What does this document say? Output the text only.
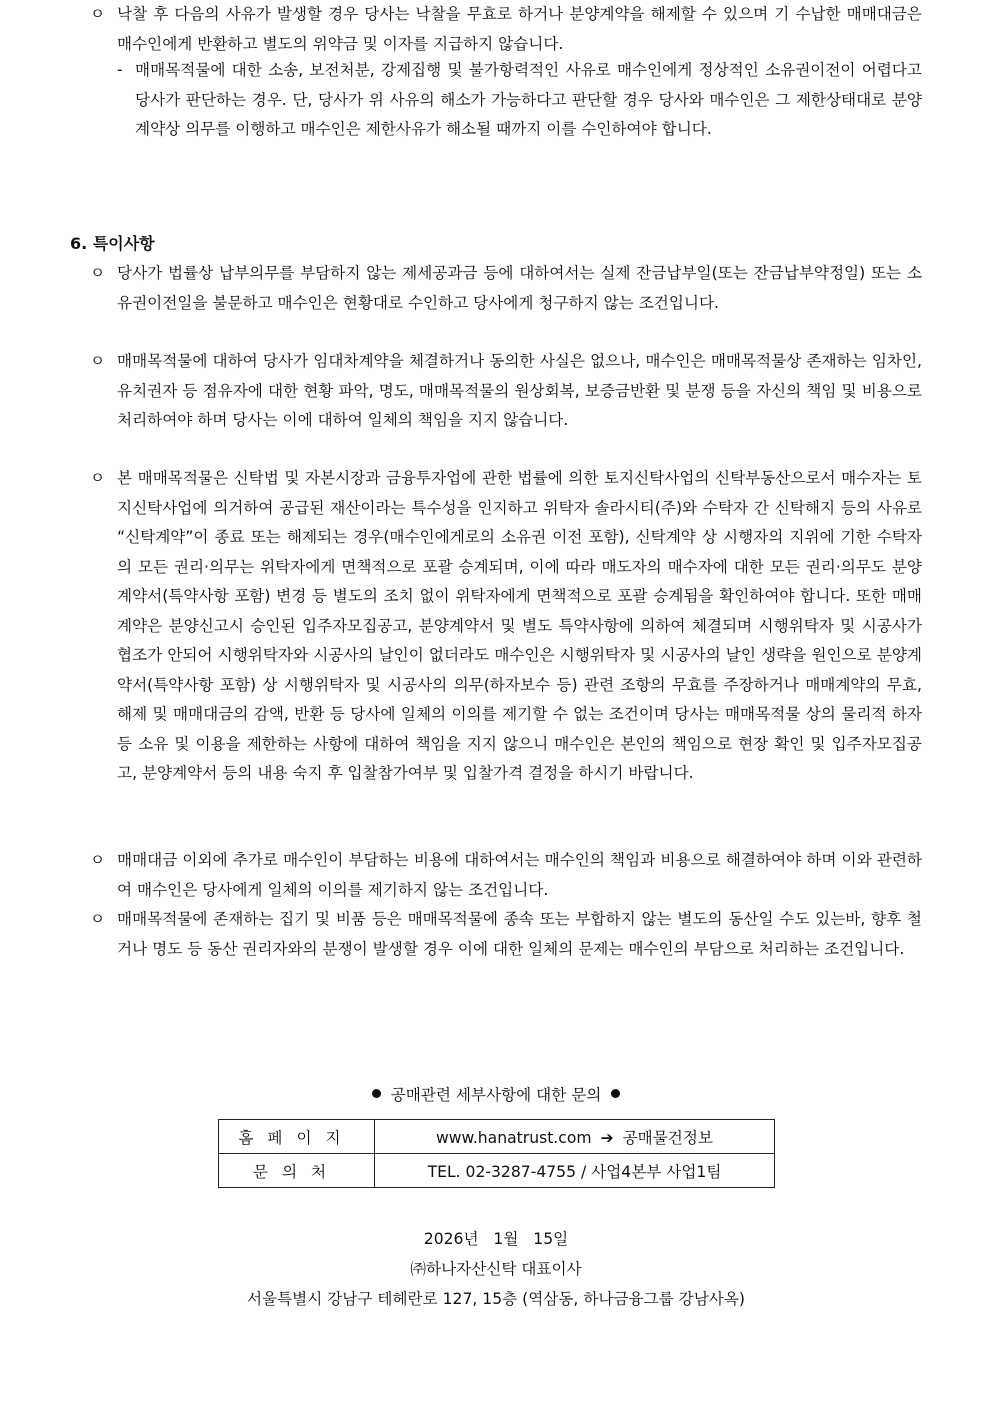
ㅇ 낙찰 후 다음의 사유가 발생할 경우 당사는 낙찰을 무효로 하거나 분양계약을 해제할 수 있으며 기 수납한 매매대금은 매수인에게 반환하고 별도의 위약금 및 이자를 지급하지 않습니다.
- 매매목적물에 대한 소송, 보전처분, 강제집행 및 불가항력적인 사유로 매수인에게 정상적인 소유권이전이 어렵다고 당사가 판단하는 경우. 단, 당사가 위 사유의 해소가 가능하다고 판단할 경우 당사와 매수인은 그 제한상태대로 분양계약상 의무를 이행하고 매수인은 제한사유가 해소될 때까지 이를 수인하여야 합니다.
6. 특이사항
ㅇ 당사가 법률상 납부의무를 부담하지 않는 제세공과금 등에 대하여서는 실제 잔금납부일(또는 잔금납부약정일) 또는 소유권이전일을 불문하고 매수인은 현황대로 수인하고 당사에게 청구하지 않는 조건입니다.
ㅇ 매매목적물에 대하여 당사가 임대차계약을 체결하거나 동의한 사실은 없으나, 매수인은 매매목적물상 존재하는 임차인, 유치권자 등 점유자에 대한 현황 파악, 명도, 매매목적물의 원상회복, 보증금반환 및 분쟁 등을 자신의 책임 및 비용으로 처리하여야 하며 당사는 이에 대하여 일체의 책임을 지지 않습니다.
ㅇ 본 매매목적물은 신탁법 및 자본시장과 금융투자업에 관한 법률에 의한 토지신탁사업의 신탁부동산으로서 매수자는 토지신탁사업에 의거하여 공급된 재산이라는 특수성을 인지하고 위탁자 솔라시티(주)와 수탁자 간 신탁해지 등의 사유로 “신탁계약”이 종료 또는 해제되는 경우(매수인에게로의 소유권 이전 포함), 신탁계약 상 시행자의 지위에 기한 수탁자의 모든 권리·의무는 위탁자에게 면책적으로 포괄 승계되며, 이에 따라 매도자의 매수자에 대한 모든 권리·의무도 분양계약서(특약사항 포함) 변경 등 별도의 조치 없이 위탁자에게 면책적으로 포괄 승계됨을 확인하여야 합니다. 또한 매매계약은 분양신고시 승인된 입주자모집공고, 분양계약서 및 별도 특약사항에 의하여 체결되며 시행위탁자 및 시공사가 협조가 안되어 시행위탁자와 시공사의 날인이 없더라도 매수인은 시행위탁자 및 시공사의 날인 생략을 원인으로 분양계약서(특약사항 포함) 상 시행위탁자 및 시공사의 의무(하자보수 등) 관련 조항의 무효를 주장하거나 매매계약의 무효, 해제 및 매매대금의 감액, 반환 등 당사에 일체의 이의를 제기할 수 없는 조건이며 당사는 매매목적물 상의 물리적 하자 등 소유 및 이용을 제한하는 사항에 대하여 책임을 지지 않으니 매수인은 본인의 책임으로 현장 확인 및 입주자모집공고, 분양계약서 등의 내용 숙지 후 입찰참가여부 및 입찰가격 결정을 하시기 바랍니다.
ㅇ 매매대금 이외에 추가로 매수인이 부담하는 비용에 대하여서는 매수인의 책임과 비용으로 해결하여야 하며 이와 관련하여 매수인은 당사에게 일체의 이의를 제기하지 않는 조건입니다.
ㅇ 매매목적물에 존재하는 집기 및 비품 등은 매매목적물에 종속 또는 부합하지 않는 별도의 동산일 수도 있는바, 향후 철거나 명도 등 동산 권리자와의 분쟁이 발생할 경우 이에 대한 일체의 문제는 매수인의 부담으로 처리하는 조건입니다.
공매관련 세부사항에 대한 문의
홈페이지	www.hanatrust.com ➔ 공매물건정보
문의처	TEL. 02-3287-4755 / 사업4본부 사업1팀
2026년   1월   15일
㈜하나자산신탁 대표이사
서울특별시 강남구 테헤란로 127, 15층 (역삼동, 하나금융그룹 강남사옥)
